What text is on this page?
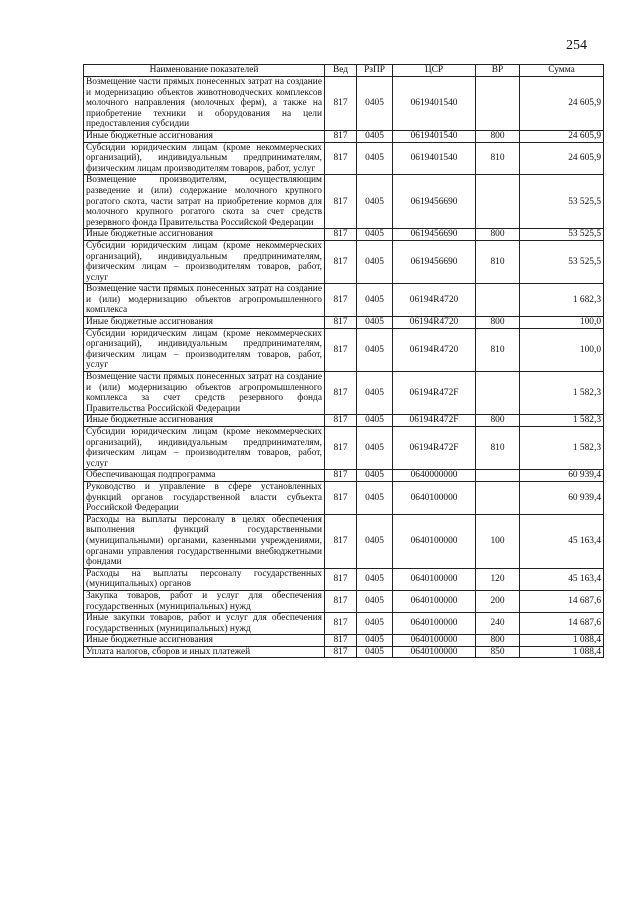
254
Наименование показателей	Вед	РзПР	ЦСР	ВР	Сумма
Возмещение части прямых понесенных затрат на создание и модернизацию объектов животноводческих комплексов молочного направления (молочных ферм), а также на приобретение техники и оборудования на цели предоставления субсидии	817	0405	0619401540		24 605,9
Иные бюджетные ассигнования	817	0405	0619401540	800	24 605,9
Субсидии юридическим лицам (кроме некоммерческих организаций), индивидуальным предпринимателям, физическим лицам производителям товаров, работ, услуг	817	0405	0619401540	810	24 605,9
Возмещение производителям, осуществляющим разведение и (или) содержание молочного крупного рогатого скота, части затрат на приобретение кормов для молочного крупного рогатого скота за счет средств резервного фонда Правительства Российской Федерации	817	0405	0619456690		53 525,5
Иные бюджетные ассигнования	817	0405	0619456690	800	53 525,5
Субсидии юридическим лицам (кроме некоммерческих организаций), индивидуальным предпринимателям, физическим лицам – производителям товаров, работ, услуг	817	0405	0619456690	810	53 525,5
Возмещение части прямых понесенных затрат на создание и (или) модернизацию объектов агропромышленного комплекса	817	0405	06194R4720		1 682,3
Иные бюджетные ассигнования	817	0405	06194R4720	800	100,0
Субсидии юридическим лицам (кроме некоммерческих организаций), индивидуальным предпринимателям, физическим лицам – производителям товаров, работ, услуг	817	0405	06194R4720	810	100,0
Возмещение части прямых понесенных затрат на создание и (или) модернизацию объектов агропромышленного комплекса за счет средств резервного фонда Правительства Российской Федерации	817	0405	06194R472F		1 582,3
Иные бюджетные ассигнования	817	0405	06194R472F	800	1 582,3
Субсидии юридическим лицам (кроме некоммерческих организаций), индивидуальным предпринимателям, физическим лицам – производителям товаров, работ, услуг	817	0405	06194R472F	810	1 582,3
Обеспечивающая подпрограмма	817	0405	0640000000		60 939,4
Руководство и управление в сфере установленных функций органов государственной власти субъекта Российской Федерации	817	0405	0640100000		60 939,4
Расходы на выплаты персоналу в целях обеспечения выполнения функций государственными (муниципальными) органами, казенными учреждениями, органами управления государственными внебюджетными фондами	817	0405	0640100000	100	45 163,4
Расходы на выплаты персоналу государственных (муниципальных) органов	817	0405	0640100000	120	45 163,4
Закупка товаров, работ и услуг для обеспечения государственных (муниципальных) нужд	817	0405	0640100000	200	14 687,6
Иные закупки товаров, работ и услуг для обеспечения государственных (муниципальных) нужд	817	0405	0640100000	240	14 687,6
Иные бюджетные ассигнования	817	0405	0640100000	800	1 088,4
Уплата налогов, сборов и иных платежей	817	0405	0640100000	850	1 088,4
